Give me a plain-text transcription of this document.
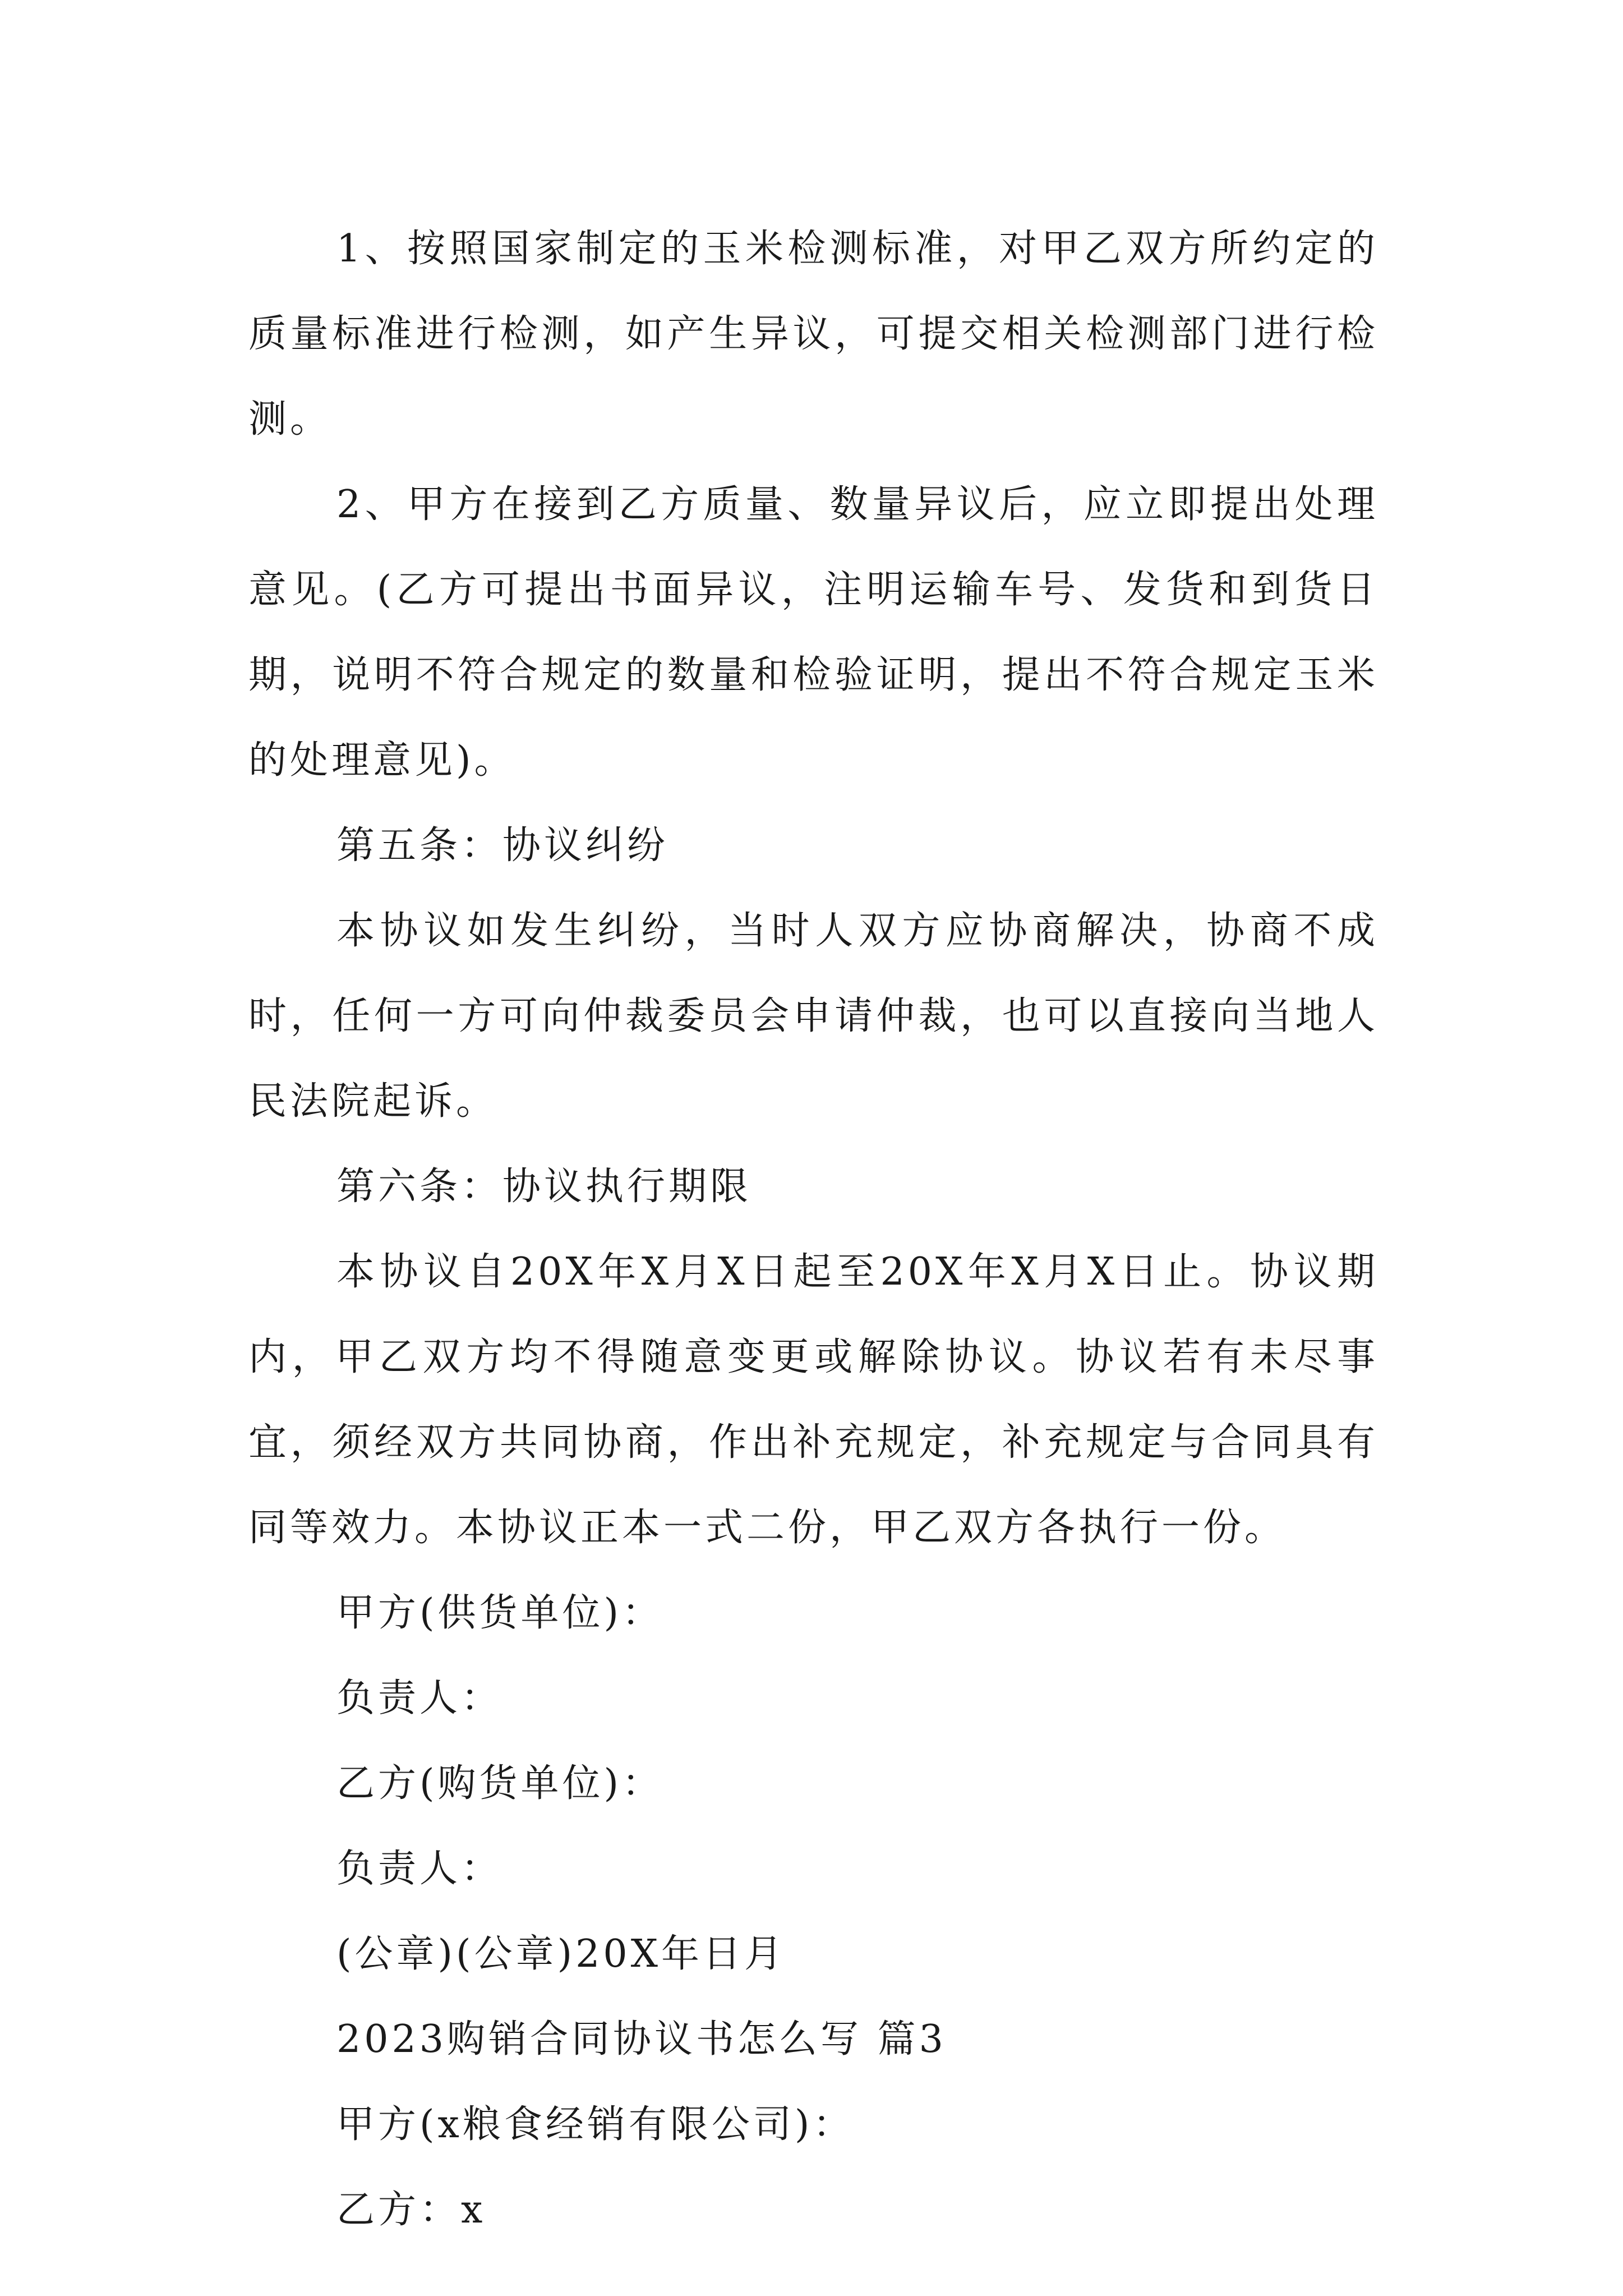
1、按照国家制定的玉米检测标准，对甲乙双方所约定的质量标准进行检测，如产生异议，可提交相关检测部门进行检测。

2、甲方在接到乙方质量、数量异议后，应立即提出处理意见。(乙方可提出书面异议，注明运输车号、发货和到货日期，说明不符合规定的数量和检验证明，提出不符合规定玉米的处理意见)。

第五条：协议纠纷

本协议如发生纠纷，当时人双方应协商解决，协商不成时，任何一方可向仲裁委员会申请仲裁，也可以直接向当地人民法院起诉。

第六条：协议执行期限

本协议自20X年X月X日起至20X年X月X日止。协议期内，甲乙双方均不得随意变更或解除协议。协议若有未尽事宜，须经双方共同协商，作出补充规定，补充规定与合同具有同等效力。本协议正本一式二份，甲乙双方各执行一份。

甲方(供货单位)：

负责人：

乙方(购货单位)：

负责人：

(公章)(公章)20X年日月

2023购销合同协议书怎么写 篇3

甲方(x粮食经销有限公司)：

乙方：x
